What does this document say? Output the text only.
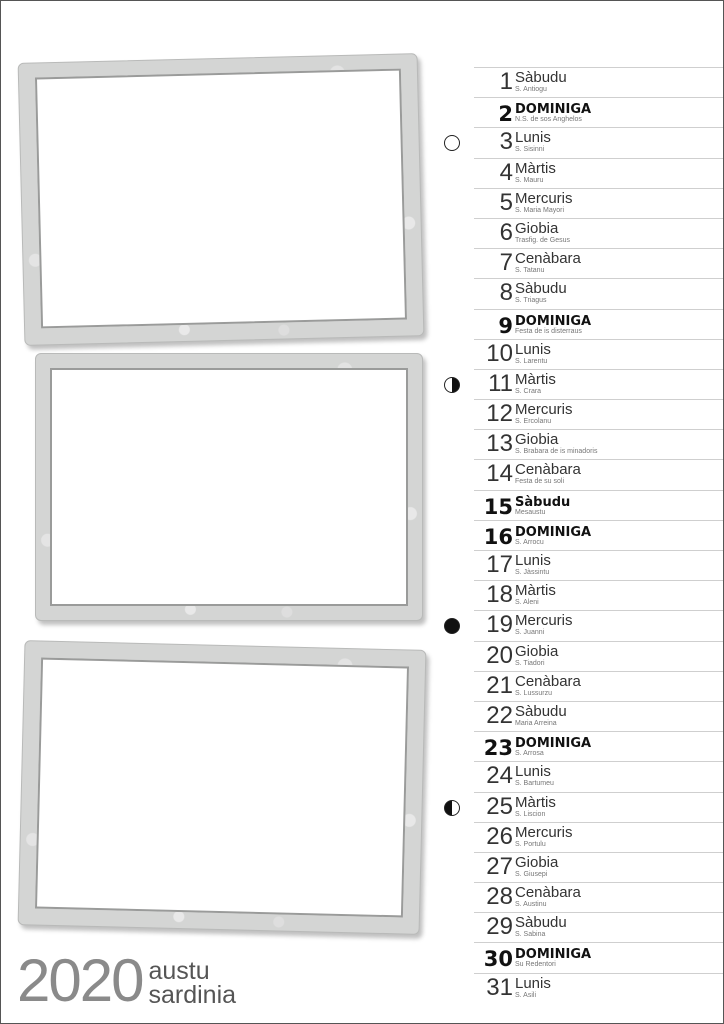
2020 austu
sardinia
1 Sàbudu
S. Antiogu
2 DOMINIGA
N.S. de sos Anghelos
3 Lunis
S. Sisinni
4 Màrtis
S. Mauru
5 Mercuris
S. Maria Mayori
6 Giobia
Trasfig. de Gesus
7 Cenàbara
S. Tatanu
8 Sàbudu
S. Triagus
9 DOMINIGA
Festa de is disterraus
10 Lunis
S. Larentu
11 Màrtis
S. Crara
12 Mercuris
S. Ercolanu
13 Giobia
S. Brabara de is minadoris
14 Cenàbara
Festa de su soli
15 Sàbudu
Mesaustu
16 DOMINIGA
S. Arrocu
17 Lunis
S. Jàssintu
18 Màrtis
S. Aleni
19 Mercuris
S. Juanni
20 Giobia
S. Tiadori
21 Cenàbara
S. Lussurzu
22 Sàbudu
Maria Arreina
23 DOMINIGA
S. Arrosa
24 Lunis
S. Bartumeu
25 Màrtis
S. Liscion
26 Mercuris
S. Portulu
27 Giobia
S. Giusepi
28 Cenàbara
S. Austinu
29 Sàbudu
S. Sabina
30 DOMINIGA
Su Redentori
31 Lunis
S. Asili
